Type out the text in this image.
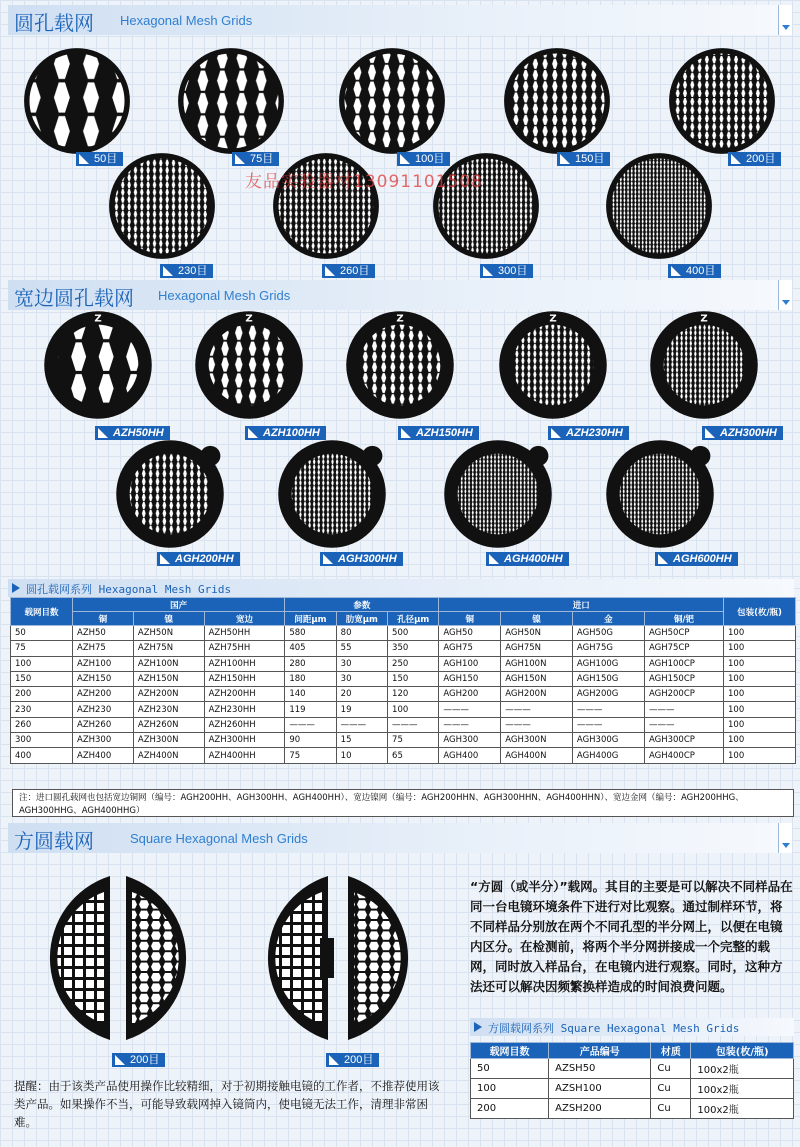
圆孔载网 Hexagonal Mesh Grids
50目	75目	100目	150目	200目
230目	260目	300目	400目
友品实验器材13091101508
宽边圆孔载网 Hexagonal Mesh Grids
Z
AZH50HH
Z
AZH100HH
Z
AZH150HH
Z
AZH230HH
Z
AZH300HH
AGH200HH	AGH300HH	AGH400HH	AGH600HH
圆孔载网系列 Hexagonal Mesh Grids
载网目数	国产			参数			进口				包装(枚/瓶)
	铜	镍	宽边	间距μm	肋宽μm	孔径μm	铜	镍	金	铜/钯	
50	AZH50	AZH50N	AZH50HH	580	80	500	AGH50	AGH50N	AGH50G	AGH50CP	100
75	AZH75	AZH75N	AZH75HH	405	55	350	AGH75	AGH75N	AGH75G	AGH75CP	100
100	AZH100	AZH100N	AZH100HH	280	30	250	AGH100	AGH100N	AGH100G	AGH100CP	100
150	AZH150	AZH150N	AZH150HH	180	30	150	AGH150	AGH150N	AGH150G	AGH150CP	100
200	AZH200	AZH200N	AZH200HH	140	20	120	AGH200	AGH200N	AGH200G	AGH200CP	100
230	AZH230	AZH230N	AZH230HH	119	19	100	———	———	———	———	100
260	AZH260	AZH260N	AZH260HH	———	———	———	———	———	———	———	100
300	AZH300	AZH300N	AZH300HH	90	15	75	AGH300	AGH300N	AGH300G	AGH300CP	100
400	AZH400	AZH400N	AZH400HH	75	10	65	AGH400	AGH400N	AGH400G	AGH400CP	100
注：进口圆孔载网也包括宽边铜网（编号：AGH200HH、AGH300HH、AGH400HH）、宽边镍网（编号：AGH200HHN、AGH300HHN、AGH400HHN）、宽边金网（编号：AGH200HHG、AGH300HHG、AGH400HHG）
方圆载网	Square Hexagonal Mesh Grids
200目	200目
“方圆（或半分）”载网。其目的主要是可以解决不同样品在同一台电镜环境条件下进行对比观察。通过制样环节，将不同样品分别放在两个不同孔型的半分网上，以便在电镜内区分。在检测前，将两个半分网拼接成一个完整的载网，同时放入样品台，在电镜内进行观察。同时，这种方法还可以解决因频繁换样造成的时间浪费问题。
方圆载网系列 Square Hexagonal Mesh Grids
载网目数	产品编号	材质	包装(枚/瓶)
50	AZSH50	Cu	100x2瓶
100	AZSH100	Cu	100x2瓶
200	AZSH200	Cu	100x2瓶
提醒：由于该类产品使用操作比较精细，对于初期接触电镜的工作者，不推荐使用该类产品。如果操作不当，可能导致载网掉入镜筒内，使电镜无法工作，清理非常困难。
